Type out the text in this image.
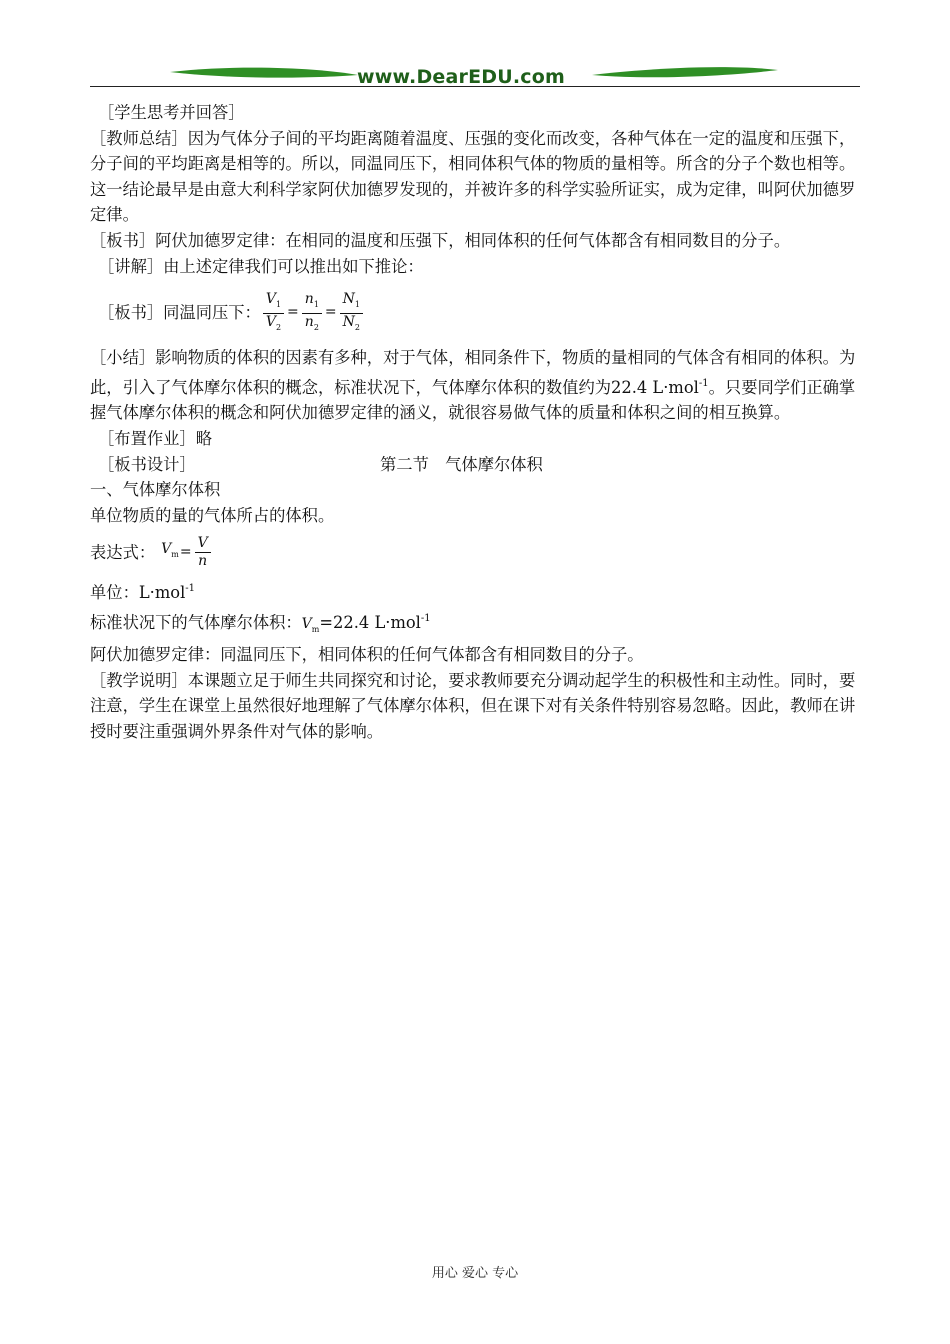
www.DearEDU.com

［学生思考并回答］

［教师总结］因为气体分子间的平均距离随着温度、压强的变化而改变，各种气体在一定的温度和压强下，分子间的平均距离是相等的。所以，同温同压下，相同体积气体的物质的量相等。所含的分子个数也相等。这一结论最早是由意大利科学家阿伏加德罗发现的，并被许多的科学实验所证实，成为定律，叫阿伏加德罗定律。

［板书］阿伏加德罗定律：在相同的温度和压强下，相同体积的任何气体都含有相同数目的分子。

［讲解］由上述定律我们可以推出如下推论：

［板书］同温同压下： $\frac{V_1}{V_2} = \frac{n_1}{n_2} = \frac{N_1}{N_2}$

［小结］影响物质的体积的因素有多种，对于气体，相同条件下，物质的量相同的气体含有相同的体积。为此，引入了气体摩尔体积的概念，标准状况下，气体摩尔体积的数值约为22.4 L·mol$^{-1}$。只要同学们正确掌握气体摩尔体积的概念和阿伏加德罗定律的涵义，就很容易做气体的质量和体积之间的相互换算。

［布置作业］略

［板书设计］	第二节　气体摩尔体积

一、气体摩尔体积

单位物质的量的气体所占的体积。

表达式： $V_m = \frac{V}{n}$

单位：L·mol$^{-1}$

标准状况下的气体摩尔体积：$V_m=22.4$ L·mol$^{-1}$

阿伏加德罗定律：同温同压下，相同体积的任何气体都含有相同数目的分子。

［教学说明］本课题立足于师生共同探究和讨论，要求教师要充分调动起学生的积极性和主动性。同时，要注意，学生在课堂上虽然很好地理解了气体摩尔体积，但在课下对有关条件特别容易忽略。因此，教师在讲授时要注重强调外界条件对气体的影响。

用心 爱心 专心
